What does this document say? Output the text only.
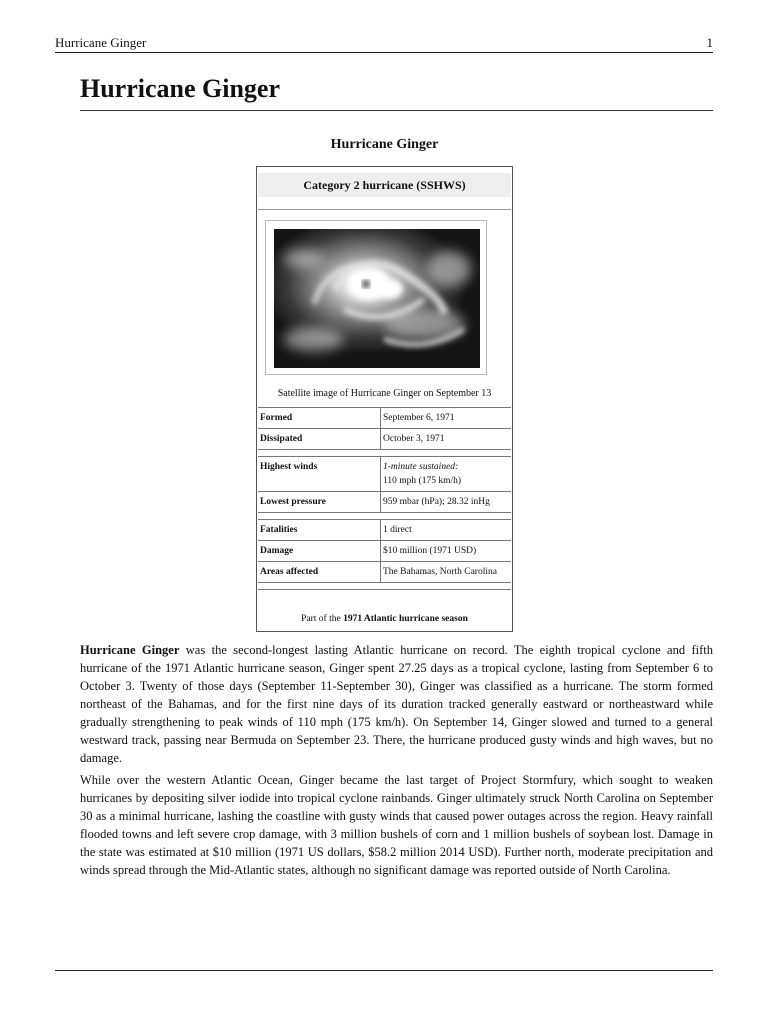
Hurricane Ginger	1
Hurricane Ginger
Hurricane Ginger
Category 2 hurricane (SSHWS)
Satellite image of Hurricane Ginger on September 13
Formed	September 6, 1971
Dissipated	October 3, 1971

Highest winds	1-minute sustained:
110 mph (175 km/h)

Lowest pressure	959 mbar (hPa); 28.32 inHg

Fatalities	1 direct
Damage	$10 million (1971 USD)
Areas affected	The Bahamas, North Carolina

Part of the 1971 Atlantic hurricane season

Hurricane Ginger was the second-longest lasting Atlantic hurricane on record. The eighth tropical cyclone and fifth hurricane of the 1971 Atlantic hurricane season, Ginger spent 27.25 days as a tropical cyclone, lasting from September 6 to October 3. Twenty of those days (September 11-September 30), Ginger was classified as a hurricane. The storm formed northeast of the Bahamas, and for the first nine days of its duration tracked generally eastward or northeastward while gradually strengthening to peak winds of 110 mph (175 km/h). On September 14, Ginger slowed and turned to a general westward track, passing near Bermuda on September 23. There, the hurricane produced gusty winds and high waves, but no damage.

While over the western Atlantic Ocean, Ginger became the last target of Project Stormfury, which sought to weaken hurricanes by depositing silver iodide into tropical cyclone rainbands. Ginger ultimately struck North Carolina on September 30 as a minimal hurricane, lashing the coastline with gusty winds that caused power outages across the region. Heavy rainfall flooded towns and left severe crop damage, with 3 million bushels of corn and 1 million bushels of soybean lost. Damage in the state was estimated at $10 million (1971 US dollars, $58.2 million 2014 USD). Further north, moderate precipitation and winds spread through the Mid-Atlantic states, although no significant damage was reported outside of North Carolina.
